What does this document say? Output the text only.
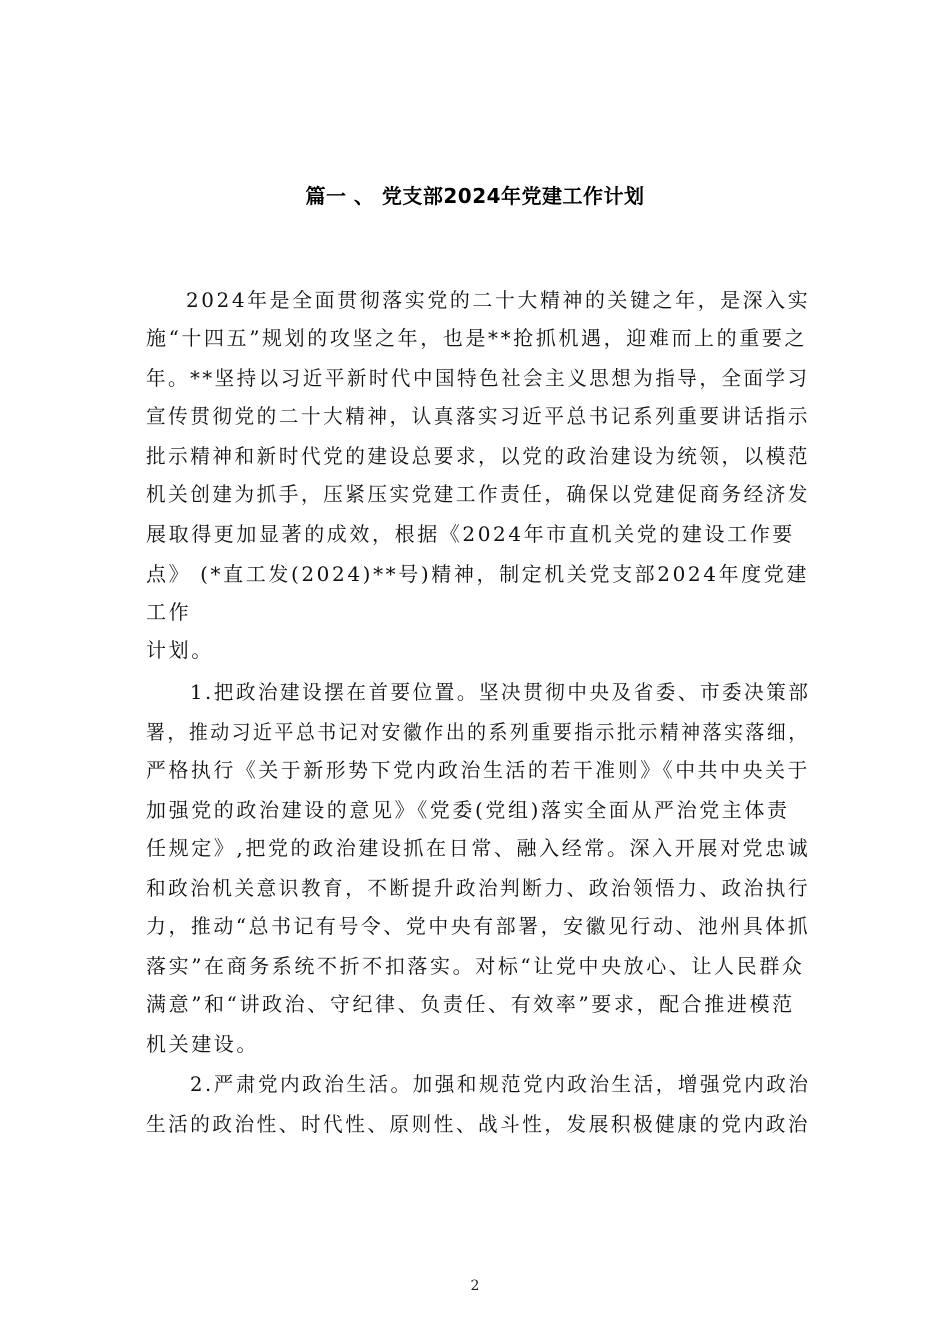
篇一 、 党支部2024年党建工作计划
2024年是全面贯彻落实党的二十大精神的关键之年，是深入实
施“十四五”规划的攻坚之年，也是**抢抓机遇，迎难而上的重要之
年。**坚持以习近平新时代中国特色社会主义思想为指导，全面学习
宣传贯彻党的二十大精神，认真落实习近平总书记系列重要讲话指示
批示精神和新时代党的建设总要求，以党的政治建设为统领，以模范
机关创建为抓手，压紧压实党建工作责任，确保以党建促商务经济发
展取得更加显著的成效，根据《2024年市直机关党的建设工作要
点》 (*直工发(2024)**号)精神，制定机关党支部2024年度党建
工作
计划。
1.把政治建设摆在首要位置。坚决贯彻中央及省委、市委决策部
署，推动习近平总书记对安徽作出的系列重要指示批示精神落实落细，
严格执行《关于新形势下党内政治生活的若干准则》《中共中央关于
加强党的政治建设的意见》《党委(党组)落实全面从严治党主体责
任规定》,把党的政治建设抓在日常、融入经常。深入开展对党忠诚
和政治机关意识教育，不断提升政治判断力、政治领悟力、政治执行
力，推动“总书记有号令、党中央有部署，安徽见行动、池州具体抓
落实”在商务系统不折不扣落实。对标“让党中央放心、让人民群众
满意”和“讲政治、守纪律、负责任、有效率”要求，配合推进模范
机关建设。
2.严肃党内政治生活。加强和规范党内政治生活，增强党内政治
生活的政治性、时代性、原则性、战斗性，发展积极健康的党内政治
2
